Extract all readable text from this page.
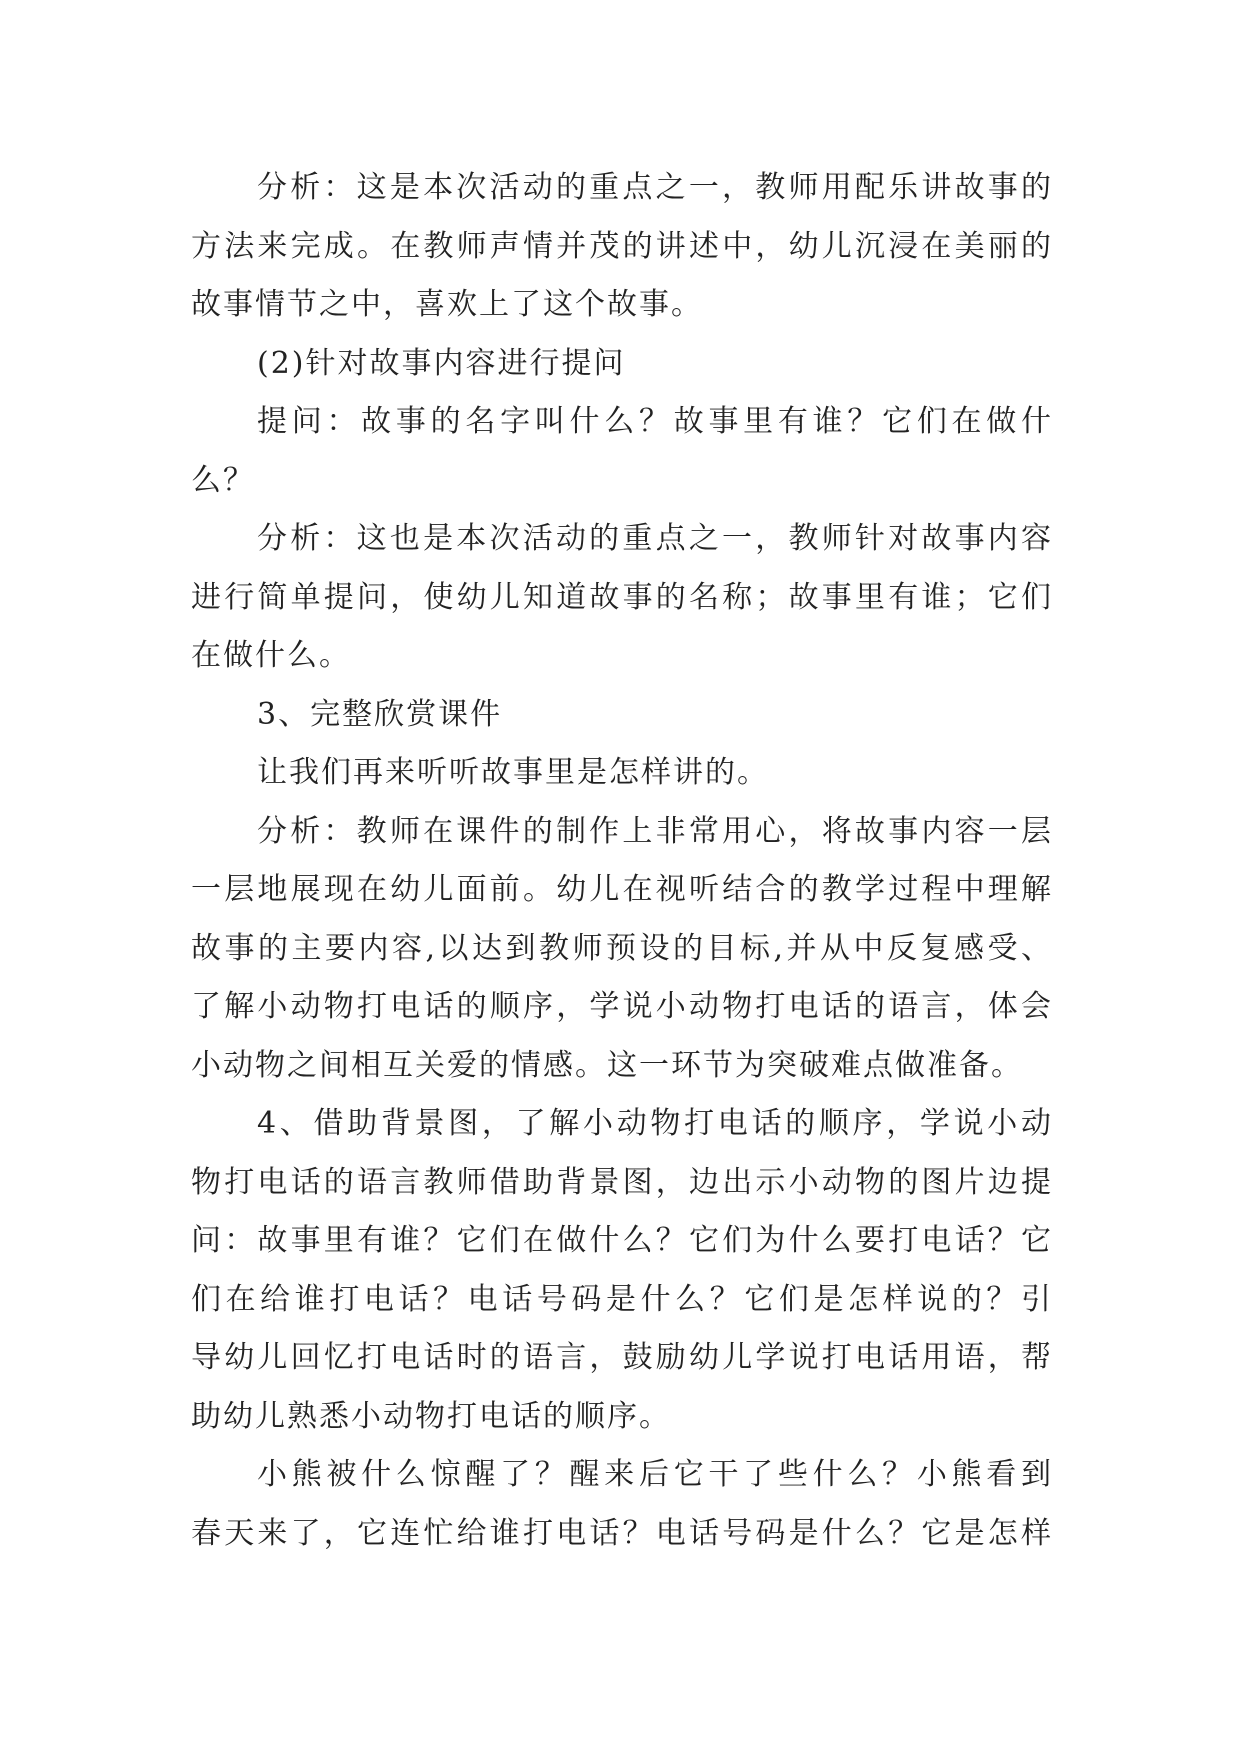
分析：这是本次活动的重点之一，教师用配乐讲故事的
方法来完成。在教师声情并茂的讲述中，幼儿沉浸在美丽的
故事情节之中，喜欢上了这个故事。
(2)针对故事内容进行提问
提问：故事的名字叫什么？故事里有谁？它们在做什
么？
分析：这也是本次活动的重点之一，教师针对故事内容
进行简单提问，使幼儿知道故事的名称；故事里有谁；它们
在做什么。
3、完整欣赏课件
让我们再来听听故事里是怎样讲的。
分析：教师在课件的制作上非常用心，将故事内容一层
一层地展现在幼儿面前。幼儿在视听结合的教学过程中理解
故事的主要内容,以达到教师预设的目标,并从中反复感受、
了解小动物打电话的顺序，学说小动物打电话的语言，体会
小动物之间相互关爱的情感。这一环节为突破难点做准备。
4、借助背景图，了解小动物打电话的顺序，学说小动
物打电话的语言教师借助背景图，边出示小动物的图片边提
问：故事里有谁？它们在做什么？它们为什么要打电话？它
们在给谁打电话？电话号码是什么？它们是怎样说的？引
导幼儿回忆打电话时的语言，鼓励幼儿学说打电话用语，帮
助幼儿熟悉小动物打电话的顺序。
小熊被什么惊醒了？醒来后它干了些什么？小熊看到
春天来了，它连忙给谁打电话？电话号码是什么？它是怎样
